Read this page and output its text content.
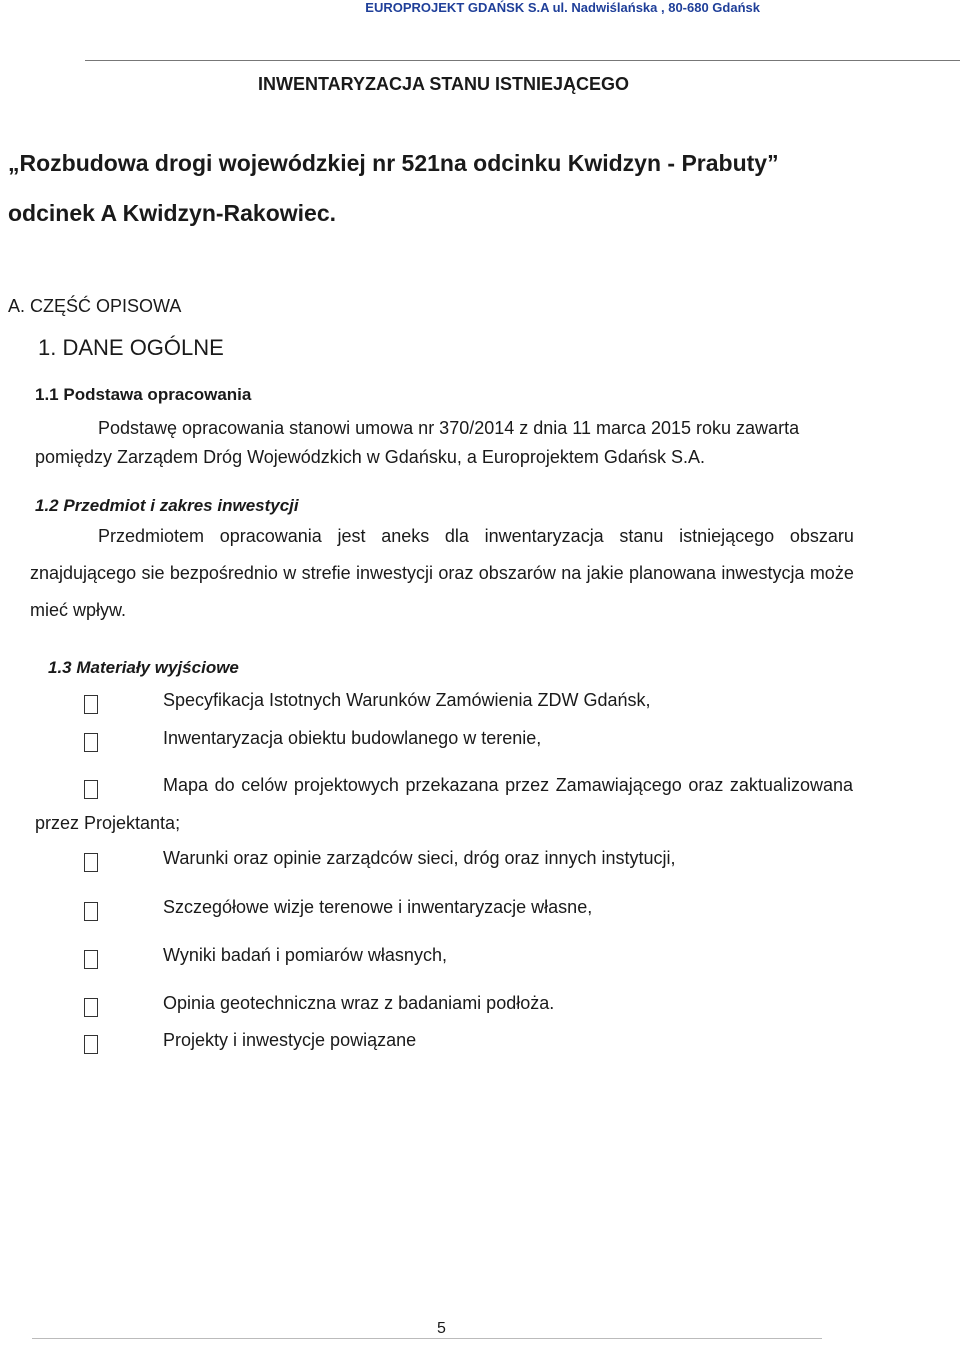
EUROPROJEKT GDAŃSK S.A ul. Nadwiślańska , 80-680 Gdańsk
INWENTARYZACJA STANU ISTNIEJĄCEGO
„Rozbudowa drogi wojewódzkiej nr 521na odcinku Kwidzyn - Prabuty”
odcinek A Kwidzyn-Rakowiec.
A. CZĘŚĆ OPISOWA
1. DANE OGÓLNE
1.1 Podstawa opracowania
Podstawę opracowania stanowi umowa nr 370/2014 z dnia 11 marca 2015 roku zawarta
pomiędzy Zarządem Dróg Wojewódzkich w Gdańsku, a Europrojektem Gdańsk S.A.
1.2 Przedmiot i zakres inwestycji
Przedmiotem opracowania jest aneks dla inwentaryzacja stanu istniejącego obszaru
znajdującego sie bezpośrednio w strefie inwestycji oraz obszarów na jakie planowana inwestycja może
mieć wpływ.
1.3 Materiały wyjściowe
Specyfikacja Istotnych Warunków Zamówienia ZDW Gdańsk,
Inwentaryzacja obiektu budowlanego w terenie,
Mapa do celów projektowych przekazana przez Zamawiającego oraz zaktualizowana
przez Projektanta;
Warunki oraz opinie zarządców sieci, dróg oraz innych instytucji,
Szczegółowe wizje terenowe i inwentaryzacje własne,
Wyniki badań i pomiarów własnych,
Opinia geotechniczna wraz z badaniami podłoża.
Projekty i inwestycje powiązane
5
